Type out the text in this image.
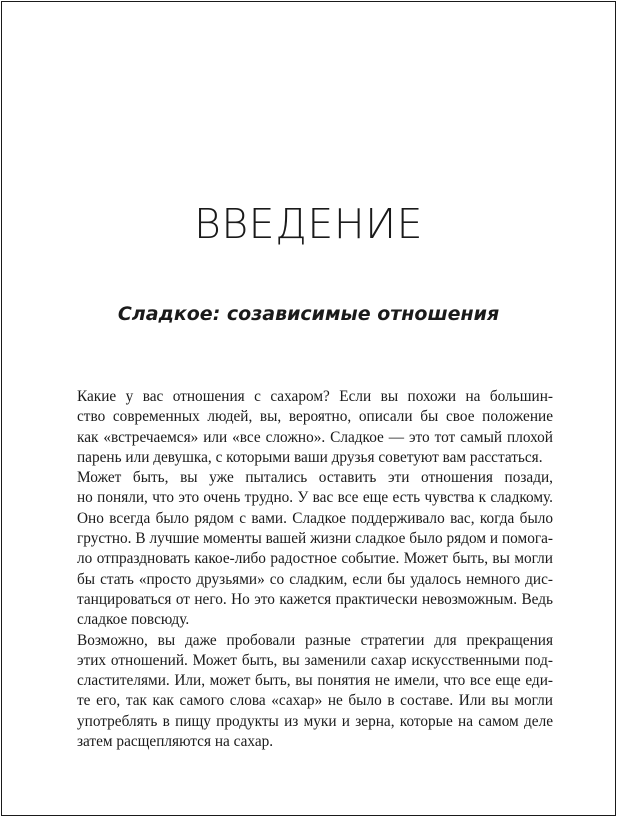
ВВЕДЕНИЕ
Сладкое: созависимые отношения

Какие у вас отношения с сахаром? Если вы похожи на большин-
ство современных людей, вы, вероятно, описали бы свое положение
как «встречаемся» или «все сложно». Сладкое — это тот самый плохой
парень или девушка, с которыми ваши друзья советуют вам расстаться.

Может быть, вы уже пытались оставить эти отношения позади,
но поняли, что это очень трудно. У вас все еще есть чувства к сладкому.
Оно всегда было рядом с вами. Сладкое поддерживало вас, когда было
грустно. В лучшие моменты вашей жизни сладкое было рядом и помога-
ло отпраздновать какое-либо радостное событие. Может быть, вы могли
бы стать «просто друзьями» со сладким, если бы удалось немного дис-
танцироваться от него. Но это кажется практически невозможным. Ведь
сладкое повсюду.

Возможно, вы даже пробовали разные стратегии для прекращения
этих отношений. Может быть, вы заменили сахар искусственными под-
сластителями. Или, может быть, вы понятия не имели, что все еще еди-
те его, так как самого слова «сахар» не было в составе. Или вы могли
употреблять в пищу продукты из муки и зерна, которые на самом деле
затем расщепляются на сахар.
